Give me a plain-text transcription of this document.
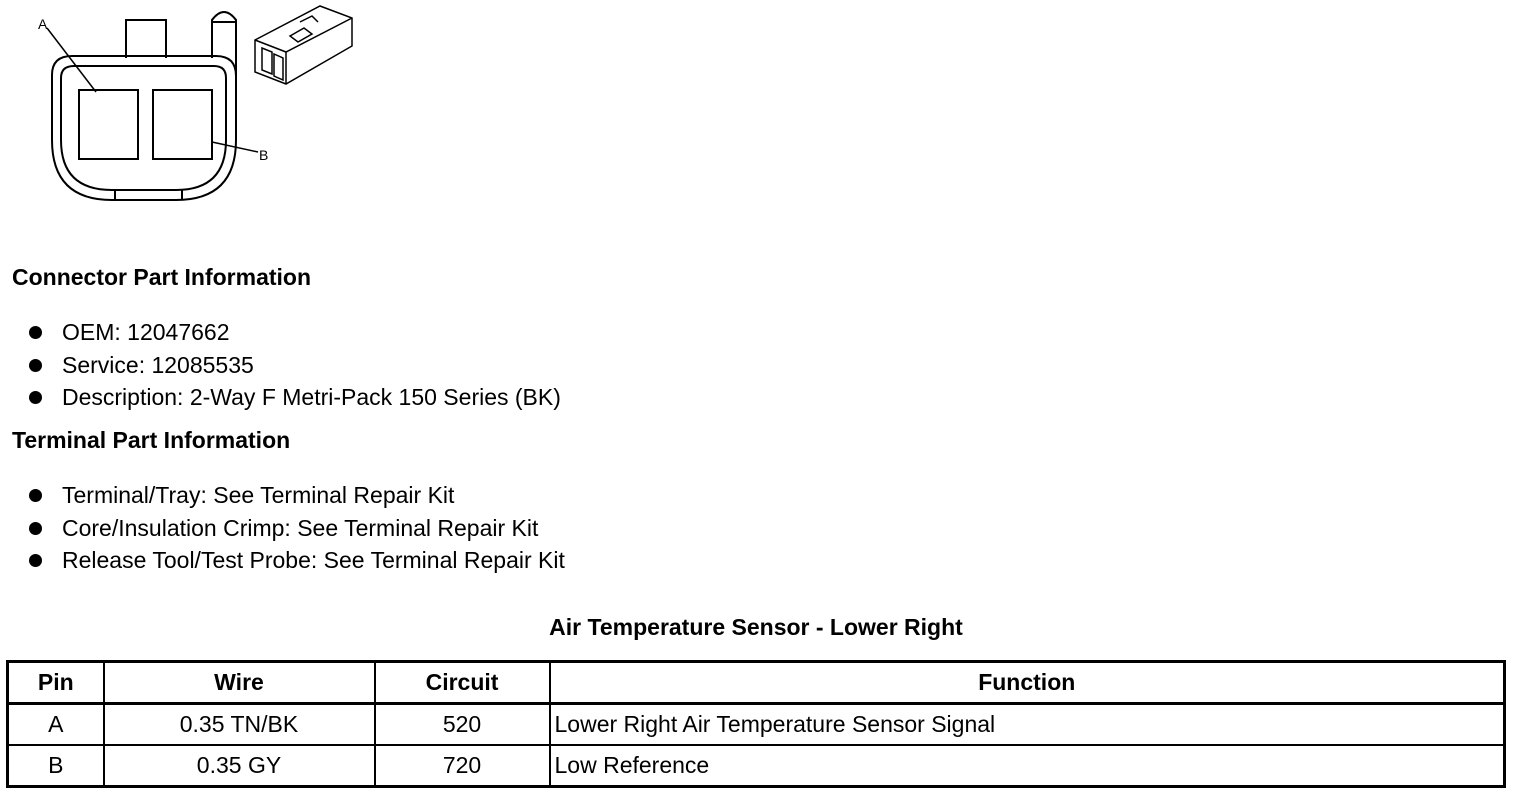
A
B
Connector Part Information
OEM: 12047662
Service: 12085535
Description: 2-Way F Metri-Pack 150 Series (BK)
Terminal Part Information
Terminal/Tray: See Terminal Repair Kit
Core/Insulation Crimp: See Terminal Repair Kit
Release Tool/Test Probe: See Terminal Repair Kit
Air Temperature Sensor - Lower Right
Pin	Wire	Circuit	Function
A	0.35 TN/BK	520	Lower Right Air Temperature Sensor Signal
B	0.35 GY	720	Low Reference
